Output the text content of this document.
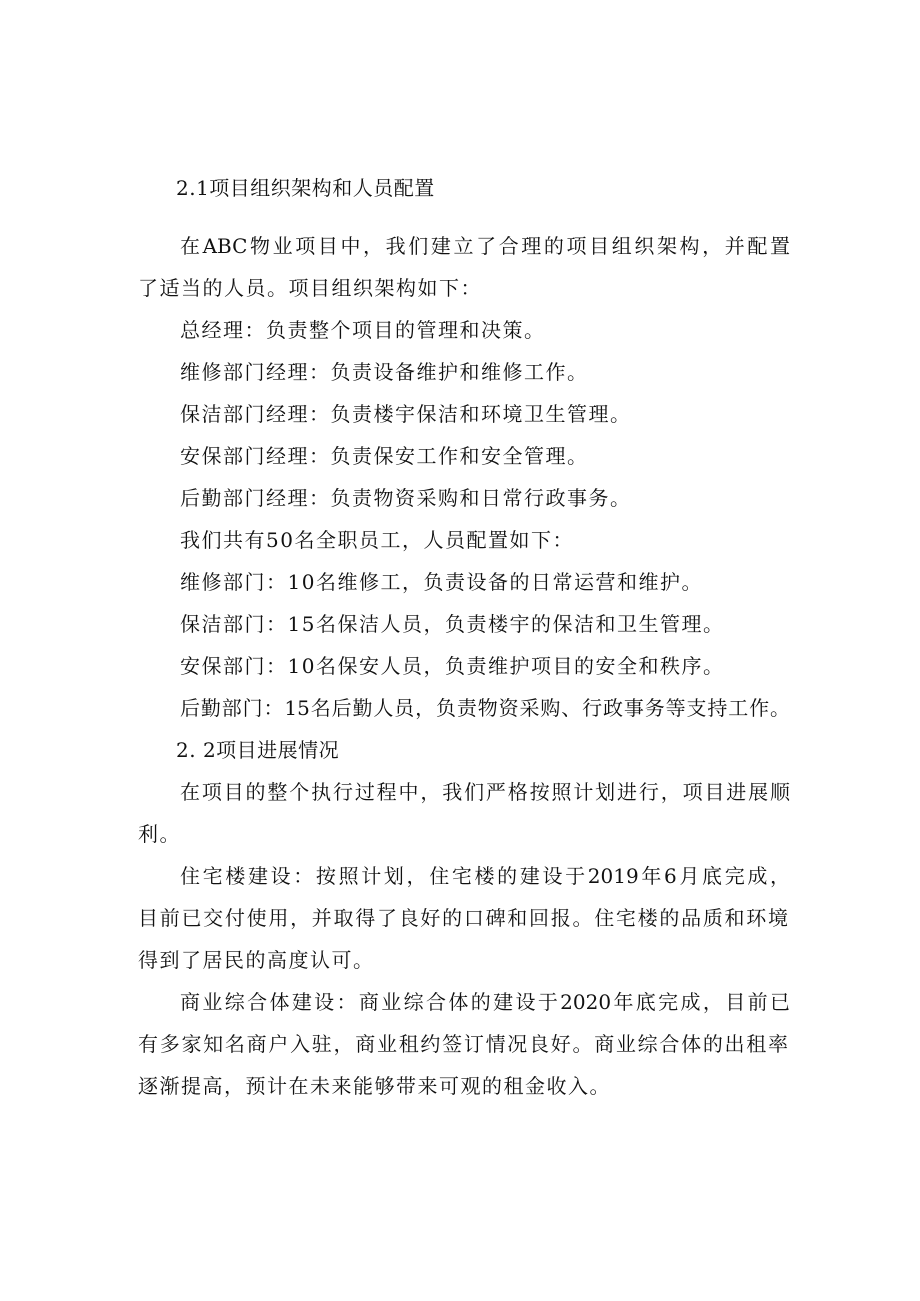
2.1项目组织架构和人员配置
在ABC物业项目中，我们建立了合理的项目组织架构，并配置
了适当的人员。项目组织架构如下：
总经理：负责整个项目的管理和决策。
维修部门经理：负责设备维护和维修工作。
保洁部门经理：负责楼宇保洁和环境卫生管理。
安保部门经理：负责保安工作和安全管理。
后勤部门经理：负责物资采购和日常行政事务。
我们共有50名全职员工，人员配置如下：
维修部门：10名维修工，负责设备的日常运营和维护。
保洁部门：15名保洁人员，负责楼宇的保洁和卫生管理。
安保部门：10名保安人员，负责维护项目的安全和秩序。
后勤部门：15名后勤人员，负责物资采购、行政事务等支持工作。
2. 2项目进展情况
在项目的整个执行过程中，我们严格按照计划进行，项目进展顺
利。
住宅楼建设：按照计划，住宅楼的建设于2019年6月底完成，
目前已交付使用，并取得了良好的口碑和回报。住宅楼的品质和环境
得到了居民的高度认可。
商业综合体建设：商业综合体的建设于2020年底完成，目前已
有多家知名商户入驻，商业租约签订情况良好。商业综合体的出租率
逐渐提高，预计在未来能够带来可观的租金收入。
